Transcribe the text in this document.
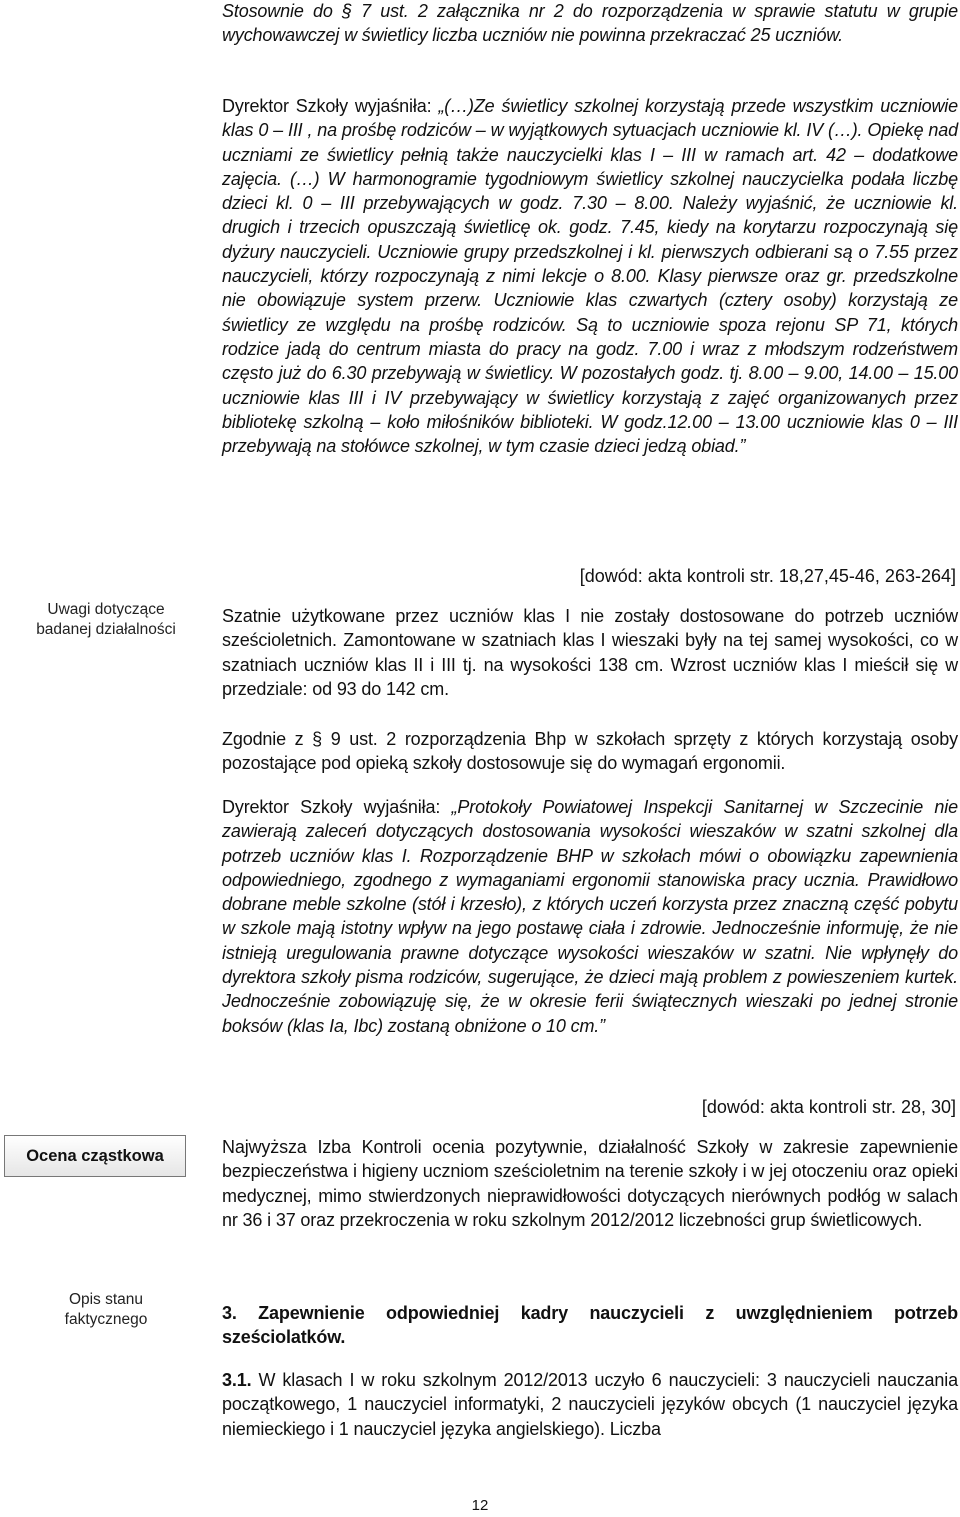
Uwagi dotyczące
badanej działalności
Ocena cząstkowa
Opis stanu
faktycznego

Stosownie do § 7 ust. 2 załącznika nr 2 do rozporządzenia w sprawie statutu w grupie wychowawczej w świetlicy liczba uczniów nie powinna przekraczać 25 uczniów.

Dyrektor Szkoły wyjaśniła: „(…)Ze świetlicy szkolnej korzystają przede wszystkim uczniowie klas 0 – III , na prośbę rodziców – w wyjątkowych sytuacjach uczniowie kl. IV (…). Opiekę nad uczniami ze świetlicy pełnią także nauczycielki klas I – III w ramach art. 42 – dodatkowe zajęcia. (…) W harmonogramie tygodniowym świetlicy szkolnej nauczycielka podała liczbę dzieci kl. 0 – III przebywających w godz. 7.30 – 8.00. Należy wyjaśnić, że uczniowie kl. drugich i trzecich opuszczają świetlicę ok. godz. 7.45, kiedy na korytarzu rozpoczynają się dyżury nauczycieli. Uczniowie grupy przedszkolnej i kl. pierwszych odbierani są o 7.55 przez nauczycieli, którzy rozpoczynają z nimi lekcje o 8.00. Klasy pierwsze oraz gr. przedszkolne nie obowiązuje system przerw. Uczniowie klas czwartych (cztery osoby) korzystają ze świetlicy ze względu na prośbę rodziców. Są to uczniowie spoza rejonu SP 71, których rodzice jadą do centrum miasta do pracy na godz. 7.00 i wraz z młodszym rodzeństwem często już do 6.30 przebywają w świetlicy. W pozostałych godz. tj. 8.00 – 9.00, 14.00 – 15.00 uczniowie klas III i IV przebywający w świetlicy korzystają z zajęć organizowanych przez bibliotekę szkolną – koło miłośników biblioteki. W godz.12.00 – 13.00 uczniowie klas 0 – III przebywają na stołówce szkolnej, w tym czasie dzieci jedzą obiad.”

[dowód: akta kontroli str. 18,27,45-46, 263-264]

Szatnie użytkowane przez uczniów klas I nie zostały dostosowane do potrzeb uczniów sześcioletnich. Zamontowane w szatniach klas I wieszaki były na tej samej wysokości, co w szatniach uczniów klas II i III tj. na wysokości 138 cm. Wzrost uczniów klas I mieścił się w przedziale: od 93 do 142 cm.

Zgodnie z § 9 ust. 2 rozporządzenia Bhp w szkołach sprzęty z których korzystają osoby pozostające pod opieką szkoły dostosowuje się do wymagań ergonomii.

Dyrektor Szkoły wyjaśniła: „Protokoły Powiatowej Inspekcji Sanitarnej w Szczecinie nie zawierają zaleceń dotyczących dostosowania wysokości wieszaków w szatni szkolnej dla potrzeb uczniów klas I. Rozporządzenie BHP w szkołach mówi o obowiązku zapewnienia odpowiedniego, zgodnego z wymaganiami ergonomii stanowiska pracy ucznia. Prawidłowo dobrane meble szkolne (stół i krzesło), z których uczeń korzysta przez znaczną część pobytu w szkole mają istotny wpływ na jego postawę ciała i zdrowie. Jednocześnie informuję, że nie istnieją uregulowania prawne dotyczące wysokości wieszaków w szatni. Nie wpłynęły do dyrektora szkoły pisma rodziców, sugerujące, że dzieci mają problem z powieszeniem kurtek. Jednocześnie zobowiązuję się, że w okresie ferii świątecznych wieszaki po jednej stronie boksów (klas Ia, Ibc) zostaną obniżone o 10 cm.”

[dowód: akta kontroli str. 28, 30]

Najwyższa Izba Kontroli ocenia pozytywnie, działalność Szkoły w zakresie zapewnienie bezpieczeństwa i higieny uczniom sześcioletnim na terenie szkoły i w jej otoczeniu oraz opieki medycznej, mimo stwierdzonych nieprawidłowości dotyczących nierównych podłóg w salach nr 36 i 37 oraz przekroczenia w roku szkolnym 2012/2012 liczebności grup świetlicowych.

3. Zapewnienie odpowiedniej kadry nauczycieli z uwzględnieniem potrzeb sześciolatków.

3.1. W klasach I w roku szkolnym 2012/2013 uczyło 6 nauczycieli: 3 nauczycieli nauczania początkowego, 1 nauczyciel informatyki, 2 nauczycieli języków obcych (1 nauczyciel języka niemieckiego i 1 nauczyciel języka angielskiego). Liczba

12
